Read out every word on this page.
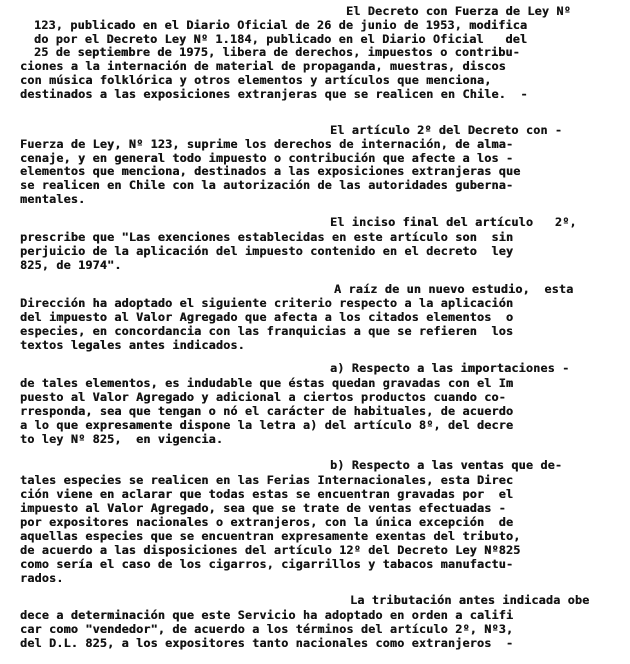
El Decreto con Fuerza de Ley Nº
123, publicado en el Diario Oficial de 26 de junio de 1953, modifica
do por el Decreto Ley Nº 1.184, publicado en el Diario Oficial   del
25 de septiembre de 1975, libera de derechos, impuestos o contribu-
ciones a la internación de material de propaganda, muestras, discos
con música folklórica y otros elementos y artículos que menciona,
destinados a las exposiciones extranjeras que se realicen en Chile.  -
El artículo 2º del Decreto con -
Fuerza de Ley, Nº 123, suprime los derechos de internación, de alma-
cenaje, y en general todo impuesto o contribución que afecte a los -
elementos que menciona, destinados a las exposiciones extranjeras que
se realicen en Chile con la autorización de las autoridades guberna-
mentales.
El inciso final del artículo   2º,
prescribe que "Las exenciones establecidas en este artículo son  sin
perjuicio de la aplicación del impuesto contenido en el decreto  ley
825, de 1974".
A raíz de un nuevo estudio,  esta
Dirección ha adoptado el siguiente criterio respecto a la aplicación
del impuesto al Valor Agregado que afecta a los citados elementos  o
especies, en concordancia con las franquicias a que se refieren  los
textos legales antes indicados.
a) Respecto a las importaciones -
de tales elementos, es indudable que éstas quedan gravadas con el Im
puesto al Valor Agregado y adicional a ciertos productos cuando co-
rresponda, sea que tengan o nó el carácter de habituales, de acuerdo
a lo que expresamente dispone la letra a) del artículo 8º, del decre
to ley Nº 825,  en vigencia.
b) Respecto a las ventas que de-
tales especies se realicen en las Ferias Internacionales, esta Direc
ción viene en aclarar que todas estas se encuentran gravadas por  el
impuesto al Valor Agregado, sea que se trate de ventas efectuadas -
por expositores nacionales o extranjeros, con la única excepción  de
aquellas especies que se encuentran expresamente exentas del tributo,
de acuerdo a las disposiciones del artículo 12º del Decreto Ley Nº825
como sería el caso de los cigarros, cigarrillos y tabacos manufactu-
rados.
La tributación antes indicada obe
dece a determinación que este Servicio ha adoptado en orden a califi
car como "vendedor", de acuerdo a los términos del artículo 2º, Nº3,
del D.L. 825, a los expositores tanto nacionales como extranjeros  -
